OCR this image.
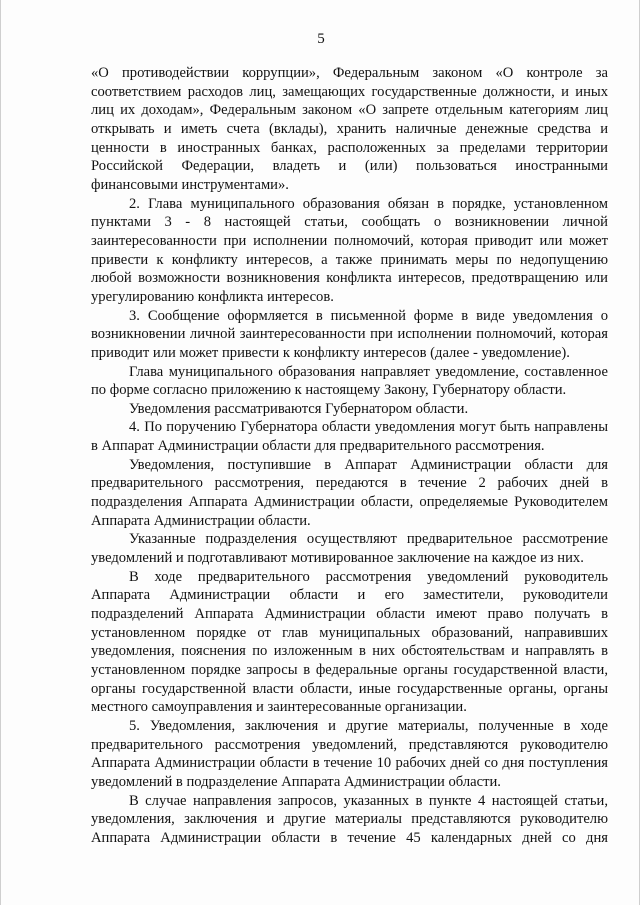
5

«О противодействии коррупции», Федеральным законом «О контроле за соответствием расходов лиц, замещающих государственные должности, и иных лиц их доходам», Федеральным законом «О запрете отдельным категориям лиц открывать и иметь счета (вклады), хранить наличные денежные средства и ценности в иностранных банках, расположенных за пределами территории Российской Федерации, владеть и (или) пользоваться иностранными финансовыми инструментами».

2. Глава муниципального образования обязан в порядке, установленном пунктами 3 - 8 настоящей статьи, сообщать о возникновении личной заинтересованности при исполнении полномочий, которая приводит или может привести к конфликту интересов, а также принимать меры по недопущению любой возможности возникновения конфликта интересов, предотвращению или урегулированию конфликта интересов.

3. Сообщение оформляется в письменной форме в виде уведомления о возникновении личной заинтересованности при исполнении полномочий, которая приводит или может привести к конфликту интересов (далее - уведомление).

Глава муниципального образования направляет уведомление, составленное по форме согласно приложению к настоящему Закону, Губернатору области.

Уведомления рассматриваются Губернатором области.

4. По поручению Губернатора области уведомления могут быть направлены в Аппарат Администрации области для предварительного рассмотрения.

Уведомления, поступившие в Аппарат Администрации области для предварительного рассмотрения, передаются в течение 2 рабочих дней в подразделения Аппарата Администрации области, определяемые Руководителем Аппарата Администрации области.

Указанные подразделения осуществляют предварительное рассмотрение уведомлений и подготавливают мотивированное заключение на каждое из них.

В ходе предварительного рассмотрения уведомлений руководитель Аппарата Администрации области и его заместители, руководители подразделений Аппарата Администрации области имеют право получать в установленном порядке от глав муниципальных образований, направивших уведомления, пояснения по изложенным в них обстоятельствам и направлять в установленном порядке запросы в федеральные органы государственной власти, органы государственной власти области, иные государственные органы, органы местного самоуправления и заинтересованные организации.

5. Уведомления, заключения и другие материалы, полученные в ходе предварительного рассмотрения уведомлений, представляются руководителю Аппарата Администрации области в течение 10 рабочих дней со дня поступления уведомлений в подразделение Аппарата Администрации области.

В случае направления запросов, указанных в пункте 4 настоящей статьи, уведомления, заключения и другие материалы представляются руководителю Аппарата Администрации области в течение 45 календарных дней со дня
